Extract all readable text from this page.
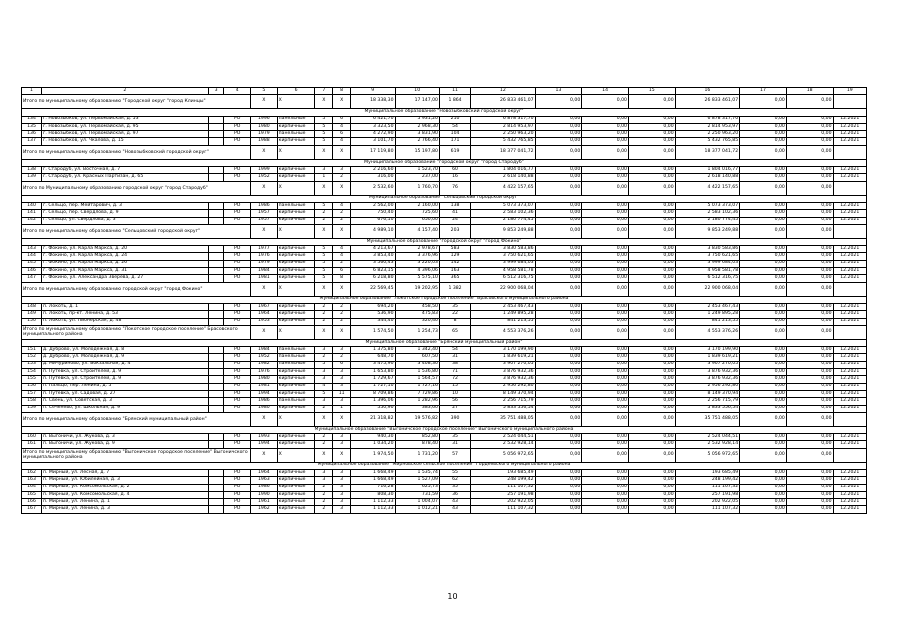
1	2	3	4	5	6	7	8	9	10	11	12	13	14	15	16	17	18	19
Итого по муниципальному образованию "Городской округ "город Клинцы"				Х	Х	Х	Х	18 338,30	17 147,00	1 864	26 833 461,07	0,00	0,00	0,00	26 833 461,07	0,00	0,00	
Муниципальное образование "Новозыбковский городской округ"																		
134	г. Новозыбков, ул. Первомайская, д. 53		РО	1996	панельные	5	6	6 421,70	5 931,20	210	6 878 317,70	0,00	0,00	0,00	6 878 317,70	0,00	0,00	12.2021
135	г. Новозыбков, ул. Первомайская, д. 95		РО	1980	кирпичные	5	4	3 323,50	2 968,30	54	2 814 953,97	0,00	0,00	0,00	2 814 953,97	0,00	0,00	12.2021
136	г. Новозыбков, ул. Первомайская, д. 97		РО	1979	панельные	5	6	4 272,90	3 831,90	104	2 250 963,20	0,00	0,00	0,00	2 250 963,20	0,00	0,00	12.2021
137	г. Новозыбков, ул. Чкалова, д. 15		РО	1988	кирпичные	5	4	3 101,70	2 766,40	171	5 432 765,85	0,00	0,00	0,00	5 432 765,85	0,00	0,00	12.2021
Итого по муниципальному образованию "Новозыбковский городской округ"				Х	Х	Х	Х	17 119,80	15 197,80	619	18 377 041,72	0,00	0,00	0,00	18 377 041,72	0,00	0,00	
Муниципальное образование "городской округ "город Стародуб"																		
138	г. Стародуб, ул. Восточная, д. 7		РО	1999	кирпичные	3	3	2 216,60	1 523,70	60	1 804 016,77	0,00	0,00	0,00	1 804 016,77	0,00	0,00	12.2021
139	г. Стародуб, ул. Красных Партизан, д. 65		РО	1952	кирпичные	1	2	316,00	237,00	16	2 618 140,88	0,00	0,00	0,00	2 618 140,88	0,00	0,00	12.2021
Итого по Муниципальному образованию городской округ "город Стародуб"				Х	Х	Х	Х	2 532,60	1 760,70	76	4 422 157,65	0,00	0,00	0,00	4 422 157,65	0,00	0,00	
Муниципальное образование "Сельцовский городской округ"																		
140	г. Сельцо, пер. Мейтарович, д. 3		РО	1986	панельные	5	4	2 562,00	2 160,00	138	5 073 373,07	0,00	0,00	0,00	5 073 373,07	0,00	0,00	12.2021
141	г. Сельцо, пер. Свердлова, д. 9		РО	1957	кирпичные	2	2	750,40	725,60	41	2 583 102,36	0,00	0,00	0,00	2 583 102,36	0,00	0,00	12.2021
142	г. Сельцо, ул. Свердлова, д. 3		РО	1957	кирпичные	2	2	676,10	650,00	24	2 180 774,45	0,00	0,00	0,00	2 180 774,45	0,00	0,00	12.2021
Итого по муниципальному образованию "Сельцовский городской округ"				Х	Х	Х	Х	4 989,10	4 157,40	203	9 853 249,88	0,00	0,00	0,00	9 853 249,88	0,00	0,00	
Муниципальное образование "городской округ "город Фокино"																		
143	г. Фокино, ул. Карла Маркса, д. 20		РО	1977	кирпичные	5	4	4 213,67	2 978,67	583	3 830 583,86	0,00	0,00	0,00	3 830 583,86	0,00	0,00	12.2021
144	г. Фокино, ул. Карла Маркса, д. 24		РО	1976	кирпичные	5	4	3 853,40	3 376,96	129	3 750 621,65	0,00	0,00	0,00	3 750 621,65	0,00	0,00	12.2021
145	г. Фокино, ул. Карла Маркса, д. 26		РО	1979	кирпичные	5	2	3 560,43	3 220,03	142	3 999 684,03	0,00	0,00	0,00	3 999 684,03	0,00	0,00	12.2021
146	г. Фокино, ул. Карла Маркса, д. 31		РО	1984	кирпичные	5	6	6 823,15	4 396,06	163	4 958 581,78	0,00	0,00	0,00	4 958 581,78	0,00	0,00	12.2021
147	г. Фокино, ул. Александра Зверева, д. 27		РО	1981	кирпичные	5	8	6 218,80	5 575,10	365	6 512 316,75	0,00	0,00	0,00	6 512 316,75	0,00	0,00	12.2021
Итого по муниципальному образованию городской округ "город Фокино"				Х	Х	Х	Х	22 569,45	19 202,95	1 382	22 900 068,04	0,00	0,00	0,00	22 900 068,04	0,00	0,00	
Муниципальное образование "Локотское городское поселение" Брасовского муниципального района																		
148	п. Локоть, д. 1		РО	1967	кирпичные	2	2	694,20	458,50	35	2 453 467,43	0,00	0,00	0,00	2 453 467,43	0,00	0,00	12.2021
149	п. Локоть, пр-кт. Ленина, д. 53		РО	1964	кирпичные	2	2	536,90	475,83	22	1 249 895,28	0,00	0,00	0,00	1 249 895,28	0,00	0,00	12.2021
150	п. Локоть, ул. Пионерская, д. 48		РО	1953	кирпичные	2	2	344,40	320,40	8	841 213,55	0,00	0,00	0,00	841 213,55	0,00	0,00	12.2021
Итого по муниципальному образованию "Локотское городское поселение" Брасовского муниципального района				Х	Х	Х	Х	1 574,50	1 254,73	65	4 553 376,26	0,00	0,00	0,00	4 553 376,26	0,00	0,00	
Муниципальное образование "Брянский муниципальный район"																		
151	д. Дуброво, ул. Молодежная, д. 8		РО	1984	панельные	3	3	1 375,80	1 342,40	54	3 170 199,90	0,00	0,00	0,00	3 170 199,90	0,00	0,00	12.2021
152	д. Дуброво, ул. Молодежная, д. 9		РО	1952	панельные	2	2	648,70	607,50	31	1 839 619,21	0,00	0,00	0,00	1 839 619,21	0,00	0,00	12.2021
153	д. Мичуриново, ул. Вокзальная, д. 4		РО	1982	панельные	5	6	3 475,90	3 408,30	38	3 907 270,05	0,00	0,00	0,00	3 907 270,05	0,00	0,00	12.2021
154	п. Путевка, ул. Строителей, д. 9		РО	1976	кирпичные	3	3	1 653,80	1 536,80	71	3 876 932,36	0,00	0,00	0,00	3 876 932,36	0,00	0,00	12.2021
155	п. Путевка, ул. Строителей, д. 9		РО	1980	кирпичные	3	3	1 729,67	1 564,57	72	3 876 932,36	0,00	0,00	0,00	3 876 932,36	0,00	0,00	12.2021
156	п. Пальцо, пер. Ленина, д. 5		РО	1981	кирпичные	4	3	1 727,10	1 727,16	15	2 956 292,80	0,00	0,00	0,00	2 956 292,80	0,00	0,00	12.2021
157	п. Путевка, ул. Садовая, д. 27		РО	1994	кирпичные	5	11	8 709,86	7 729,86	10	8 149 370,94	0,00	0,00	0,00	8 149 370,94	0,00	0,00	12.2021
158	п. Свень, ул. Советская, д. 3		РО	1986	панельные	3	3	1 396,06	1 282,96	56	2 256 715,79	0,00	0,00	0,00	2 256 715,79	0,00	0,00	12.2021
159	п. Сеченево, ул. Школьная, д. 9		РО	1980	кирпичные	2	1	550,90	383,60	27	5 833 556,54	0,00	0,00	0,00	5 833 556,54	0,00	0,00	12.2021
Итого по муниципальному образованию "Брянский муниципальный район"				Х	Х	Х	Х	21 318,82	19 576,82	390	35 751 488,05	0,00	0,00	0,00	35 751 488,05	0,00	0,00	
Муниципальное образование "Выгоничское городское поселение" Выгоничского муниципального района																		
160	п. Выгоничи, ул. Жукова, д. 3		РО	1993	кирпичные	2	3	940,30	852,80	35	2 524 044,51	0,00	0,00	0,00	2 524 044,51	0,00	0,00	12.2021
161	п. Выгоничи, ул. Жукова, д. 9		РО	1994	кирпичные	2	3	1 034,20	878,40	31	2 532 928,14	0,00	0,00	0,00	2 532 928,14	0,00	0,00	12.2021
Итого по муниципальному образованию "Выгоничское городское поселение" Выгоничского муниципального района				Х	Х	Х	Х	1 974,50	1 731,20	57	5 056 972,65	0,00	0,00	0,00	5 056 972,65	0,00	0,00	
Муниципальное образование "Мирновское сельское поселение" Гордеевского муниципального района																		
162	п. Мирный, ул. Лесная, д. 7		РО	1964	кирпичные	3	3	1 668,49	1 535,74	55	193 685,49	0,00	0,00	0,00	193 685,49	0,00	0,00	12.2021
163	п. Мирный, ул. Юбилейная, д. 3		РО	1963	кирпичные	3	3	1 668,49	1 527,09	62	248 199,42	0,00	0,00	0,00	248 199,42	0,00	0,00	12.2021
164	п. Мирный, ул. Комсомольская, д. 2		РО	1986	кирпичные	2	3	716,28	625,73	35	111 107,32	0,00	0,00	0,00	111 107,32	0,00	0,00	12.2021
165	п. Мирный, ул. Комсомольская, д. 4		РО	1990	кирпичные	2	3	808,30	731,59	36	257 191,98	0,00	0,00	0,00	257 191,98	0,00	0,00	12.2021
166	п. Мирный, ул. Ленина, д. 1		РО	1961	кирпичные	2	3	1 112,33	1 004,07	43	202 922,05	0,00	0,00	0,00	202 922,05	0,00	0,00	12.2021
167	п. Мирный, ул. Ленина, д. 3		РО	1962	кирпичные	2	3	1 112,33	1 012,21	43	111 107,32	0,00	0,00	0,00	111 107,32	0,00	0,00	12.2021
10
